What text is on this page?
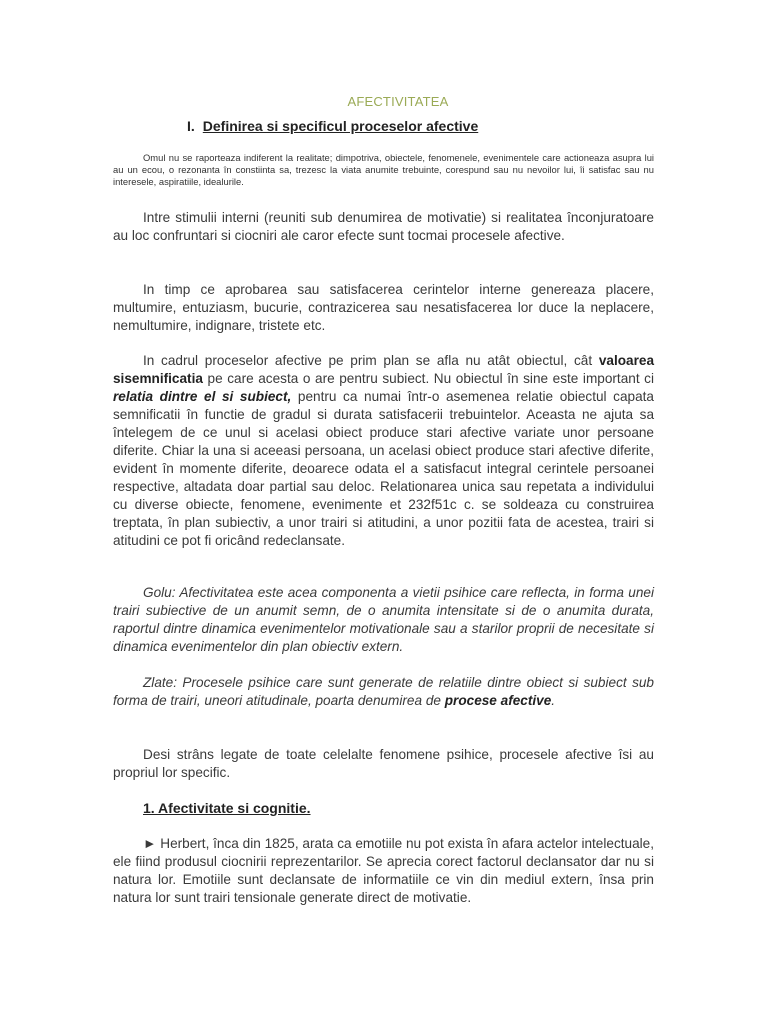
AFECTIVITATEA
I. Definirea si specificul proceselor afective
Omul nu se raporteaza indiferent la realitate; dimpotriva, obiectele, fenomenele, evenimentele care actioneaza asupra lui au un ecou, o rezonanta în constiinta sa, trezesc la viata anumite trebuinte, corespund sau nu nevoilor lui, îi satisfac sau nu interesele, aspiratiile, idealurile.
Intre stimulii interni (reuniti sub denumirea de motivatie) si realitatea înconjuratoare au loc confruntari si ciocniri ale caror efecte sunt tocmai procesele afective.
In timp ce aprobarea sau satisfacerea cerintelor interne genereaza placere, multumire, entuziasm, bucurie, contrazicerea sau nesatisfacerea lor duce la neplacere, nemultumire, indignare, tristete etc.
In cadrul proceselor afective pe prim plan se afla nu atât obiectul, cât valoarea sisemnificatia pe care acesta o are pentru subiect. Nu obiectul în sine este important ci relatia dintre el si subiect, pentru ca numai într-o asemenea relatie obiectul capata semnificatii în functie de gradul si durata satisfacerii trebuintelor. Aceasta ne ajuta sa întelegem de ce unul si acelasi obiect produce stari afective variate unor persoane diferite. Chiar la una si aceeasi persoana, un acelasi obiect produce stari afective diferite, evident în momente diferite, deoarece odata el a satisfacut integral cerintele persoanei respective, altadata doar partial sau deloc. Relationarea unica sau repetata a individului cu diverse obiecte, fenomene, evenimente et 232f51c c. se soldeaza cu construirea treptata, în plan subiectiv, a unor trairi si atitudini, a unor pozitii fata de acestea, trairi si atitudini ce pot fi oricând redeclansate.
Golu: Afectivitatea este acea componenta a vietii psihice care reflecta, in forma unei trairi subiective de un anumit semn, de o anumita intensitate si de o anumita durata, raportul dintre dinamica evenimentelor motivationale sau a starilor proprii de necesitate si dinamica evenimentelor din plan obiectiv extern.
Zlate: Procesele psihice care sunt generate de relatiile dintre obiect si subiect sub forma de trairi, uneori atitudinale, poarta denumirea de procese afective.
Desi strâns legate de toate celelalte fenomene psihice, procesele afective îsi au propriul lor specific.
1. Afectivitate si cognitie.
► Herbert, înca din 1825, arata ca emotiile nu pot exista în afara actelor intelectuale, ele fiind produsul ciocnirii reprezentarilor. Se aprecia corect factorul declansator dar nu si natura lor. Emotiile sunt declansate de informatiile ce vin din mediul extern, însa prin natura lor sunt trairi tensionale generate direct de motivatie.
